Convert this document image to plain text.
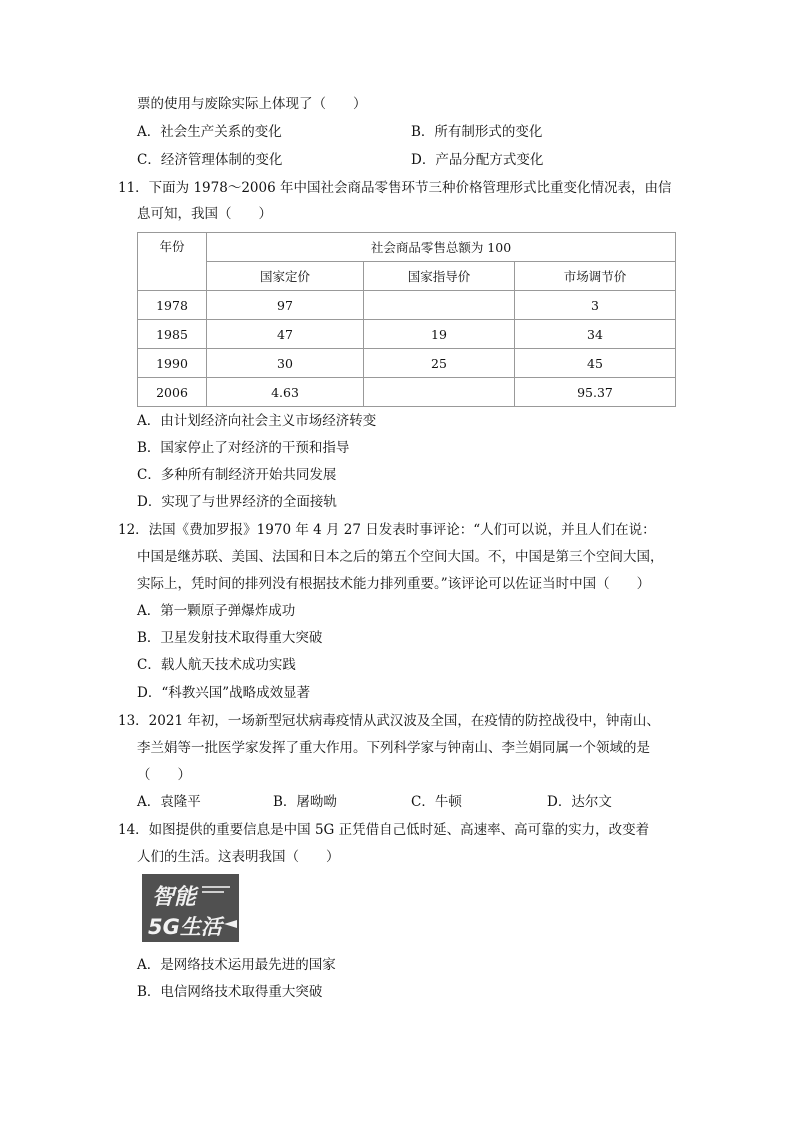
票的使用与废除实际上体现了（　　）
A．社会生产关系的变化	B．所有制形式的变化
C．经济管理体制的变化	D．产品分配方式变化
11．下面为 1978～2006 年中国社会商品零售环节三种价格管理形式比重变化情况表，由信
息可知，我国（　　）
年份	社会商品零售总额为 100		
	国家定价	国家指导价	市场调节价
1978	97		3
1985	47	19	34
1990	30	25	45
2006	4.63		95.37
A．由计划经济向社会主义市场经济转变
B．国家停止了对经济的干预和指导
C．多种所有制经济开始共同发展
D．实现了与世界经济的全面接轨
12．法国《费加罗报》1970 年 4 月 27 日发表时事评论：“人们可以说，并且人们在说：
中国是继苏联、美国、法国和日本之后的第五个空间大国。不，中国是第三个空间大国，
实际上，凭时间的排列没有根据技术能力排列重要。”该评论可以佐证当时中国（　　）
A．第一颗原子弹爆炸成功
B．卫星发射技术取得重大突破
C．载人航天技术成功实践
D．“科教兴国”战略成效显著
13．2021 年初，一场新型冠状病毒疫情从武汉波及全国，在疫情的防控战役中，钟南山、
李兰娟等一批医学家发挥了重大作用。下列科学家与钟南山、李兰娟同属一个领域的是
（　　）
A．袁隆平	B．屠呦呦	C．牛顿	D．达尔文
14．如图提供的重要信息是中国 5G 正凭借自己低时延、高速率、高可靠的实力，改变着
人们的生活。这表明我国（　　）
智能
5G生活
A．是网络技术运用最先进的国家
B．电信网络技术取得重大突破
